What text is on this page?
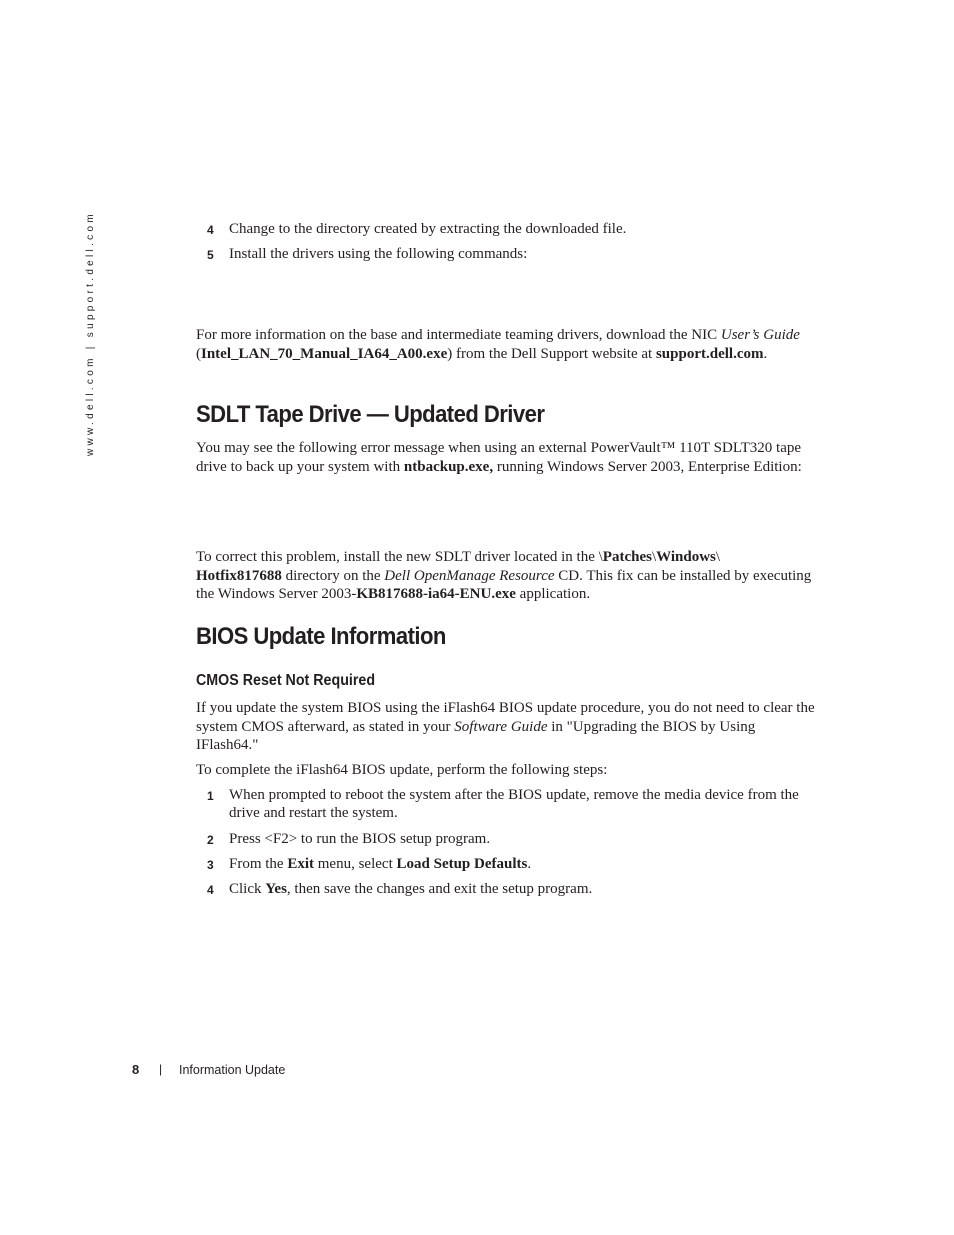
www.dell.com | support.dell.com	4	Change to the directory created by extracting the downloaded file.
5	Install the drivers using the following commands:
For more information on the base and intermediate teaming drivers, download the NIC User’s Guide (Intel_LAN_70_Manual_IA64_A00.exe) from the Dell Support website at support.dell.com.
SDLT Tape Drive — Updated Driver
You may see the following error message when using an external PowerVault™ 110T SDLT320 tape drive to back up your system with ntbackup.exe, running Windows Server 2003, Enterprise Edition:
To correct this problem, install the new SDLT driver located in the \Patches\Windows\
Hotfix817688 directory on the Dell OpenManage Resource CD. This fix can be installed by executing the Windows Server 2003-KB817688-ia64-ENU.exe application.
BIOS Update Information
CMOS Reset Not Required
If you update the system BIOS using the iFlash64 BIOS update procedure, you do not need to clear the system CMOS afterward, as stated in your Software Guide in "Upgrading the BIOS by Using IFlash64."
To complete the iFlash64 BIOS update, perform the following steps:
1	When prompted to reboot the system after the BIOS update, remove the media device from the drive and restart the system.
2	Press <F2> to run the BIOS setup program.
3	From the Exit menu, select Load Setup Defaults.
4	Click Yes, then save the changes and exit the setup program.
8 | Information Update
